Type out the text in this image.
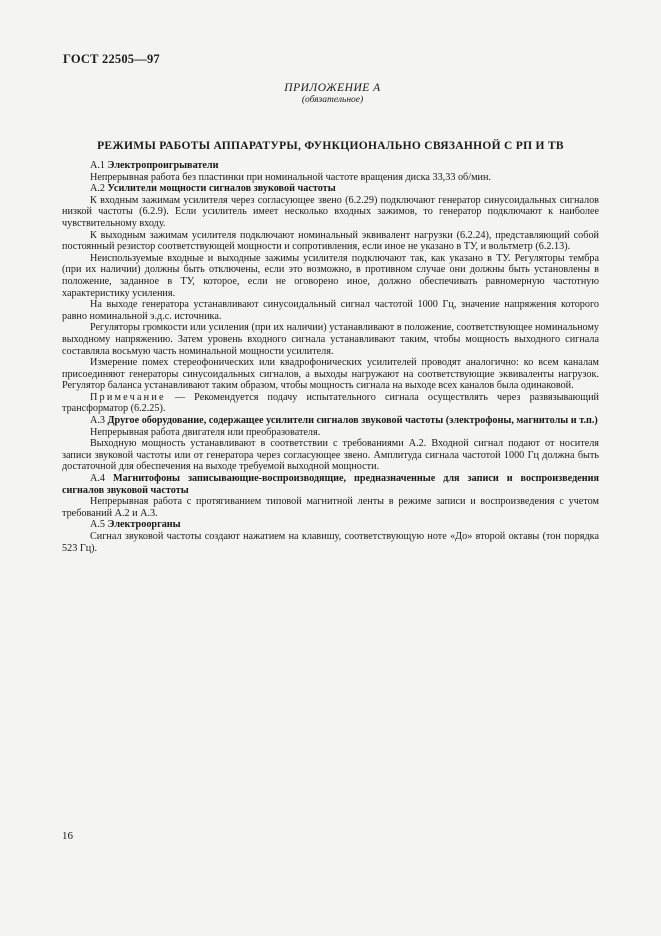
ГОСТ 22505—97
ПРИЛОЖЕНИЕ А
(обязательное)
РЕЖИМЫ РАБОТЫ АППАРАТУРЫ, ФУНКЦИОНАЛЬНО СВЯЗАННОЙ С РП И ТВ

А.1 Электропроигрыватели

Непрерывная работа без пластинки при номинальной частоте вращения диска 33,33 об/мин.

А.2 Усилители мощности сигналов звуковой частоты

К входным зажимам усилителя через согласующее звено (6.2.29) подключают генератор синусоидальных сигналов низкой частоты (6.2.9). Если усилитель имеет несколько входных зажимов, то генератор подключают к наиболее чувствительному входу.

К выходным зажимам усилителя подключают номинальный эквивалент нагрузки (6.2.24), представляющий собой постоянный резистор соответствующей мощности и сопротивления, если иное не указано в ТУ, и вольтметр (6.2.13).

Неиспользуемые входные и выходные зажимы усилителя подключают так, как указано в ТУ. Регуляторы тембра (при их наличии) должны быть отключены, если это возможно, в противном случае они должны быть установлены в положение, заданное в ТУ, которое, если не оговорено иное, должно обеспечивать равномерную частотную характеристику усиления.

На выходе генератора устанавливают синусоидальный сигнал частотой 1000 Гц, значение напряжения которого равно номинальной э.д.с. источника.

Регуляторы громкости или усиления (при их наличии) устанавливают в положение, соответствующее номинальному выходному напряжению. Затем уровень входного сигнала устанавливают таким, чтобы мощность выходного сигнала составляла восьмую часть номинальной мощности усилителя.

Измерение помех стереофонических или квадрофонических усилителей проводят аналогично: ко всем каналам присоединяют генераторы синусоидальных сигналов, а выходы нагружают на соответствующие эквиваленты нагрузок. Регулятор баланса устанавливают таким образом, чтобы мощность сигнала на выходе всех каналов была одинаковой.

Примечание — Рекомендуется подачу испытательного сигнала осуществлять через развязывающий трансформатор (6.2.25).

А.3 Другое оборудование, содержащее усилители сигналов звуковой частоты (электрофоны, магнитолы и т.п.)

Непрерывная работа двигателя или преобразователя.

Выходную мощность устанавливают в соответствии с требованиями А.2. Входной сигнал подают от носителя записи звуковой частоты или от генератора через согласующее звено. Амплитуда сигнала частотой 1000 Гц должна быть достаточной для обеспечения на выходе требуемой выходной мощности.

А.4 Магнитофоны записывающие-воспроизводящие, предназначенные для записи и воспроизведения сигналов звуковой частоты

Непрерывная работа с протягиванием типовой магнитной ленты в режиме записи и воспроизведения с учетом требований А.2 и А.3.

А.5 Электроорганы

Сигнал звуковой частоты создают нажатием на клавишу, соответствующую ноте «До» второй октавы (тон порядка 523 Гц).

16
